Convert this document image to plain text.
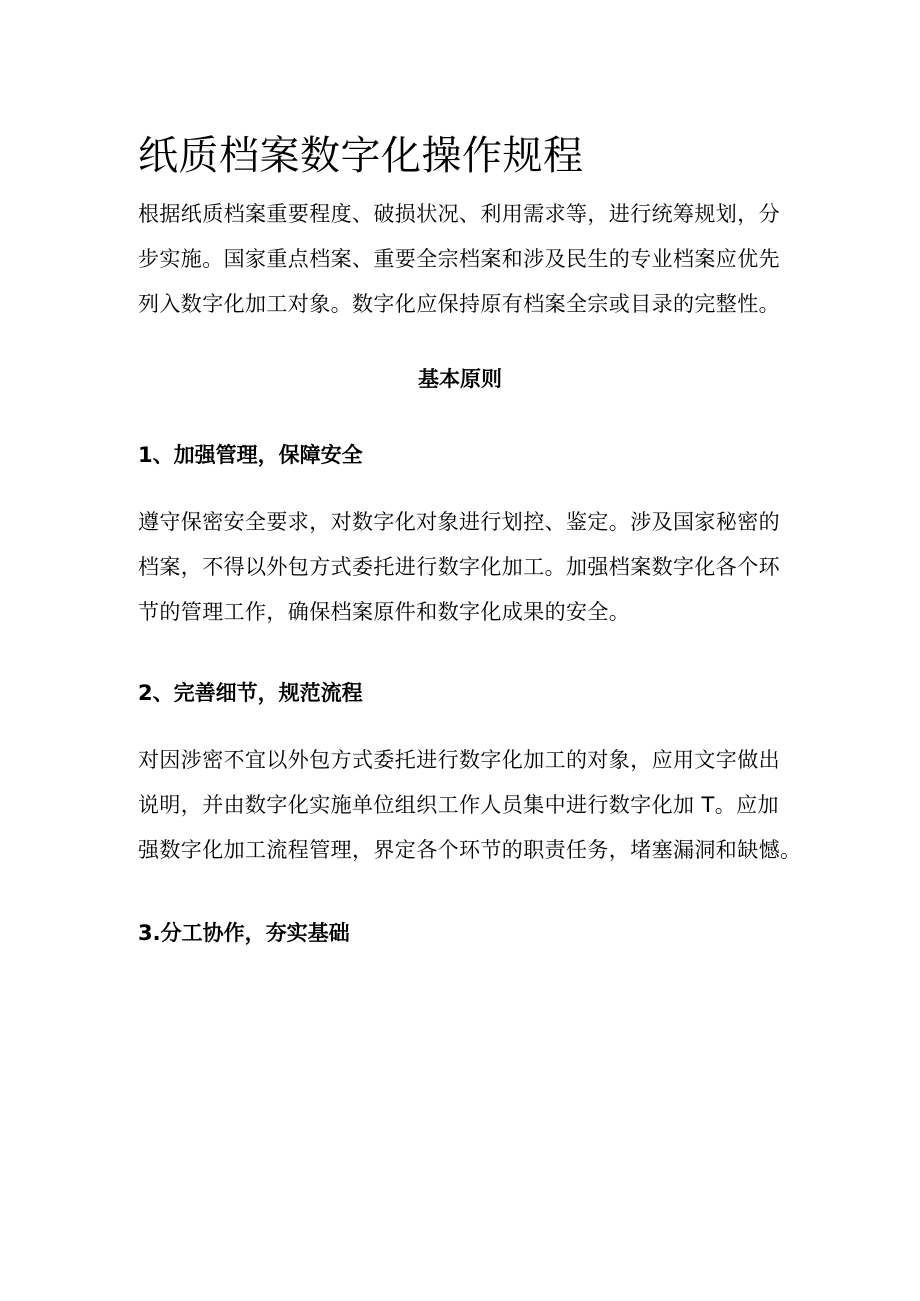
纸质档案数字化操作规程

根据纸质档案重要程度、破损状况、利用需求等，进行统筹规划，分
步实施。国家重点档案、重要全宗档案和涉及民生的专业档案应优先
列入数字化加工对象。数字化应保持原有档案全宗或目录的完整性。

基本原则
1、加强管理，保障安全

遵守保密安全要求，对数字化对象进行划控、鉴定。涉及国家秘密的
档案，不得以外包方式委托进行数字化加工。加强档案数字化各个环
节的管理工作，确保档案原件和数字化成果的安全。

2、完善细节，规范流程

对因涉密不宜以外包方式委托进行数字化加工的对象，应用文字做出
说明，并由数字化实施单位组织工作人员集中进行数字化加 T。应加
强数字化加工流程管理，界定各个环节的职责任务，堵塞漏洞和缺憾。

3.分工协作，夯实基础
